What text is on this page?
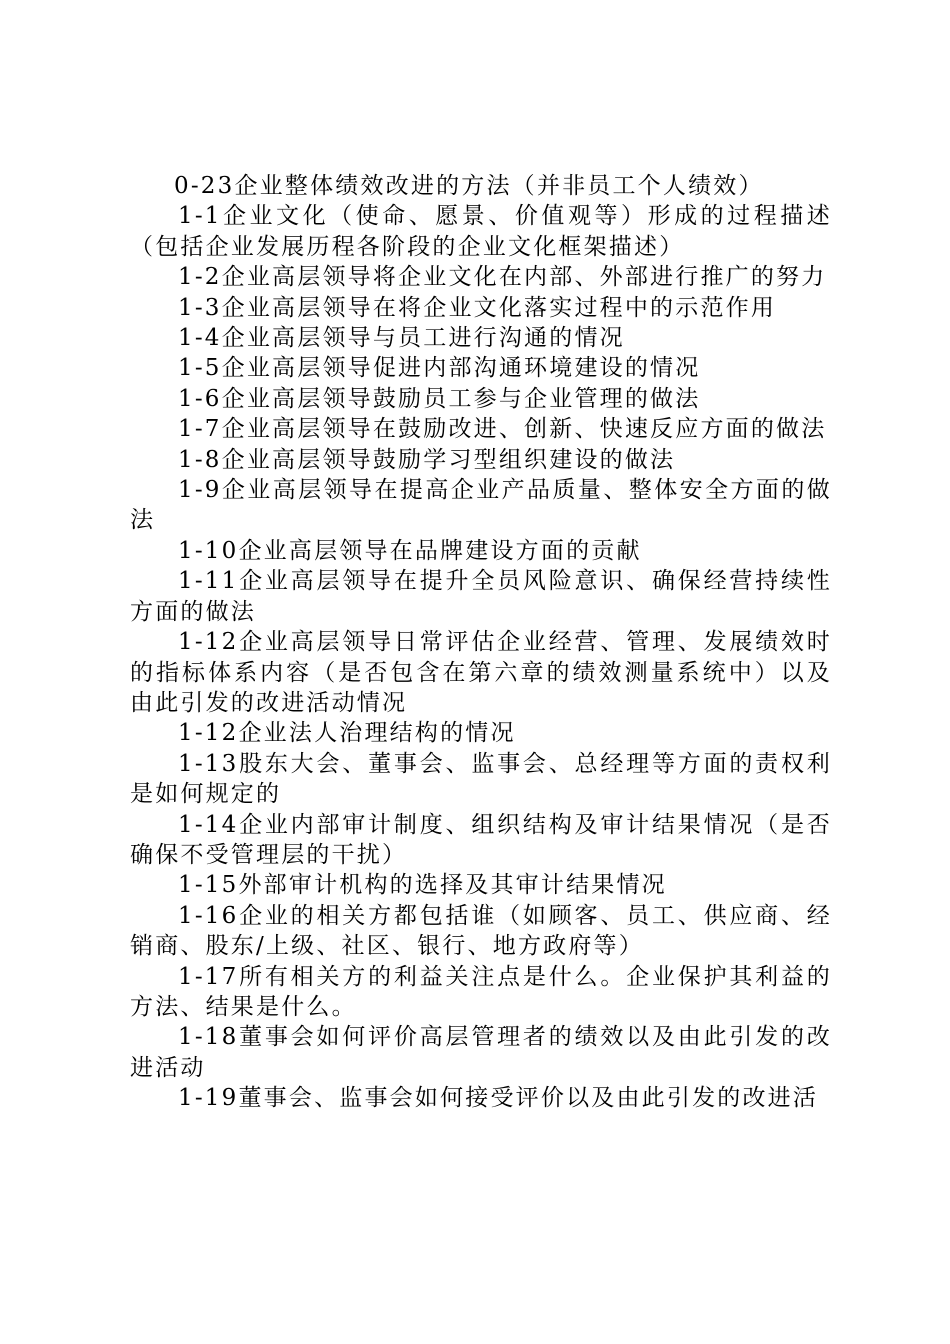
0-23企业整体绩效改进的方法（并非员工个人绩效）

1-1企业文化（使命、愿景、价值观等）形成的过程描述（包括企业发展历程各阶段的企业文化框架描述）

1-2企业高层领导将企业文化在内部、外部进行推广的努力

1-3企业高层领导在将企业文化落实过程中的示范作用

1-4企业高层领导与员工进行沟通的情况

1-5企业高层领导促进内部沟通环境建设的情况

1-6企业高层领导鼓励员工参与企业管理的做法

1-7企业高层领导在鼓励改进、创新、快速反应方面的做法

1-8企业高层领导鼓励学习型组织建设的做法

1-9企业高层领导在提高企业产品质量、整体安全方面的做法

1-10企业高层领导在品牌建设方面的贡献

1-11企业高层领导在提升全员风险意识、确保经营持续性方面的做法

1-12企业高层领导日常评估企业经营、管理、发展绩效时的指标体系内容（是否包含在第六章的绩效测量系统中）以及由此引发的改进活动情况

1-12企业法人治理结构的情况

1-13股东大会、董事会、监事会、总经理等方面的责权利是如何规定的

1-14企业内部审计制度、组织结构及审计结果情况（是否确保不受管理层的干扰）

1-15外部审计机构的选择及其审计结果情况

1-16企业的相关方都包括谁（如顾客、员工、供应商、经销商、股东/上级、社区、银行、地方政府等）

1-17所有相关方的利益关注点是什么。企业保护其利益的方法、结果是什么。

1-18董事会如何评价高层管理者的绩效以及由此引发的改进活动

1-19董事会、监事会如何接受评价以及由此引发的改进活
